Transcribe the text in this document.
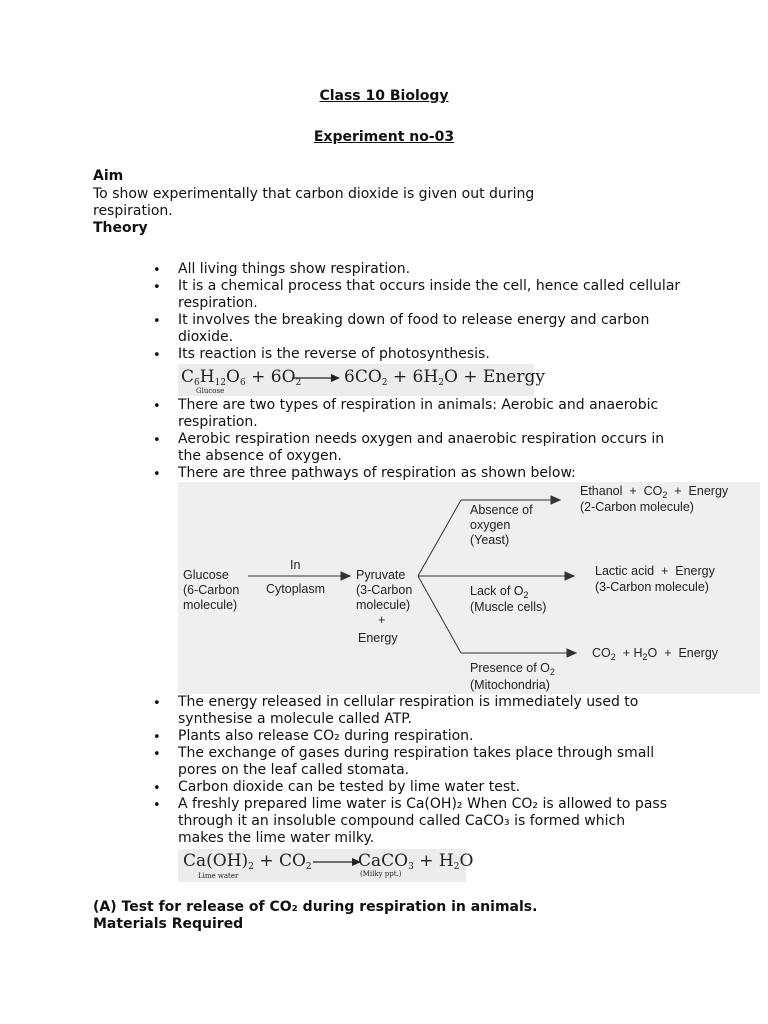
Class 10 Biology
Experiment no-03
Aim
To show experimentally that carbon dioxide is given out during
respiration.
Theory
• All living things show respiration.
• It is a chemical process that occurs inside the cell, hence called cellular respiration.
• It involves the breaking down of food to release energy and carbon dioxide.
• Its reaction is the reverse of photosynthesis.
$C_6H_{12}O_6 + 6O_2 \to 6CO_2 + 6H_2O$ + Energy
Glucose
• There are two types of respiration in animals: Aerobic and anaerobic respiration.
• Aerobic respiration needs oxygen and anaerobic respiration occurs in the absence of oxygen.
• There are three pathways of respiration as shown below:
Glucose
(6-Carbon
molecule)
In
Cytoplasm
Pyruvate
(3-Carbon
molecule)
+
Energy
Absence of
oxygen
(Yeast)
Lack of $O_2$
(Muscle cells)
Presence of $O_2$
(Mitochondria)
Ethanol  +  $CO_2$  +  Energy
(2-Carbon molecule)
Lactic acid  +  Energy
(3-Carbon molecule)
$CO_2 + H_2O$  +  Energy
• The energy released in cellular respiration is immediately used to synthesise a molecule called ATP.
• Plants also release CO₂ during respiration.
• The exchange of gases during respiration takes place through small pores on the leaf called stomata.
• Carbon dioxide can be tested by lime water test.
• A freshly prepared lime water is Ca(OH)₂ When CO₂ is allowed to pass through it an insoluble compound called CaCO₃ is formed which makes the lime water milky.
$Ca(OH)_2 + CO_2$ →
CaCO$_3$ + $H_2O$
Lime water	(Milky ppt.)
(A) Test for release of CO₂ during respiration in animals.
Materials Required
